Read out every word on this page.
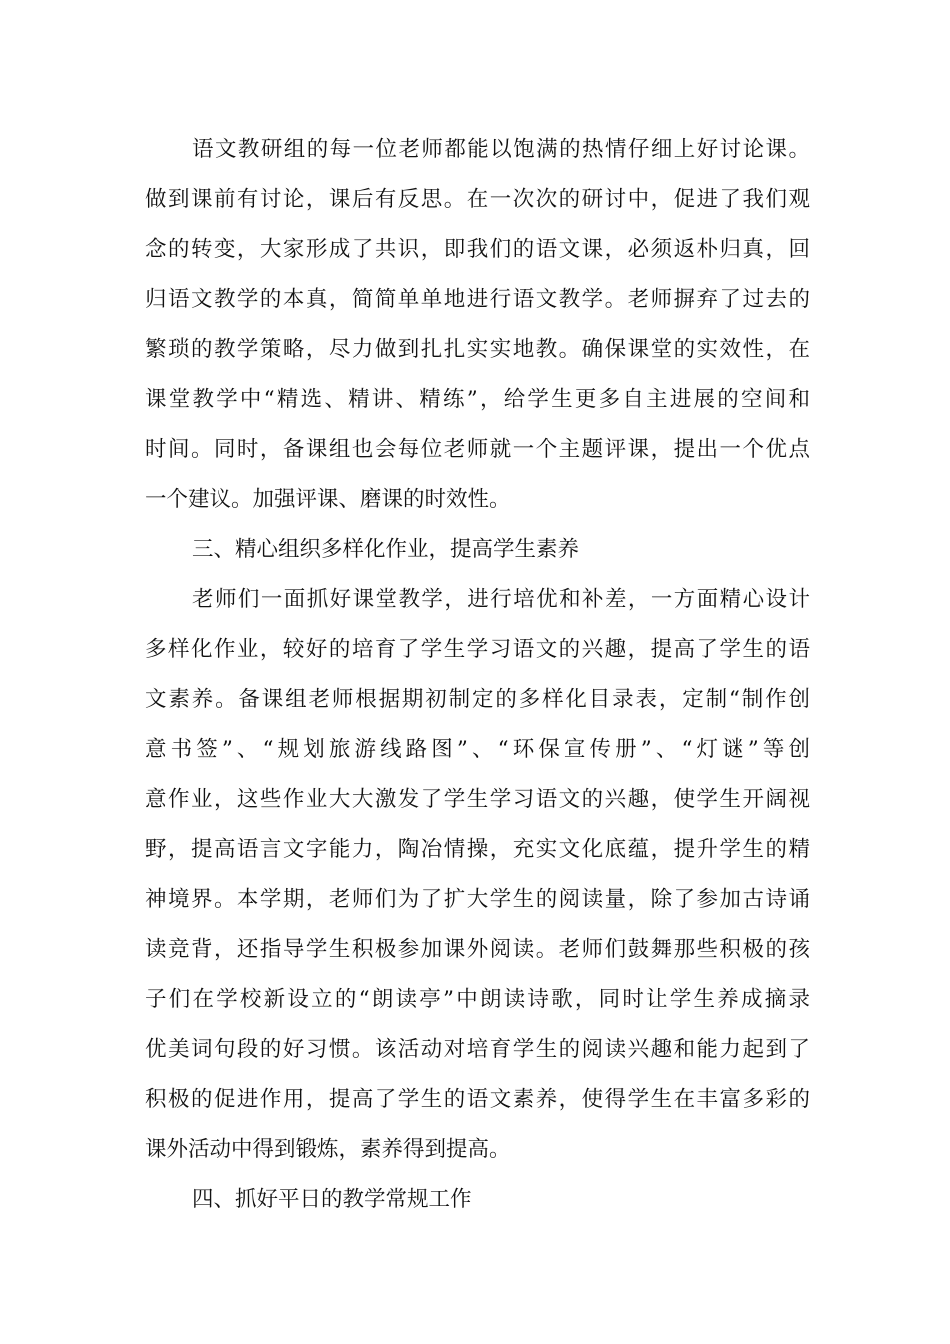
语文教研组的每一位老师都能以饱满的热情仔细上好讨论课。
做到课前有讨论，课后有反思。在一次次的研讨中，促进了我们观
念的转变，大家形成了共识，即我们的语文课，必须返朴归真，回
归语文教学的本真，简简单单地进行语文教学。老师摒弃了过去的
繁琐的教学策略，尽力做到扎扎实实地教。确保课堂的实效性，在
课堂教学中“精选、精讲、精练”，给学生更多自主进展的空间和
时间。同时，备课组也会每位老师就一个主题评课，提出一个优点
一个建议。加强评课、磨课的时效性。
三、精心组织多样化作业，提高学生素养
老师们一面抓好课堂教学，进行培优和补差，一方面精心设计
多样化作业，较好的培育了学生学习语文的兴趣，提高了学生的语
文素养。备课组老师根据期初制定的多样化目录表，定制“制作创
意书签”、“规划旅游线路图”、“环保宣传册”、“灯谜”等创
意作业，这些作业大大激发了学生学习语文的兴趣，使学生开阔视
野，提高语言文字能力，陶冶情操，充实文化底蕴，提升学生的精
神境界。本学期，老师们为了扩大学生的阅读量，除了参加古诗诵
读竞背，还指导学生积极参加课外阅读。老师们鼓舞那些积极的孩
子们在学校新设立的“朗读亭”中朗读诗歌，同时让学生养成摘录
优美词句段的好习惯。该活动对培育学生的阅读兴趣和能力起到了
积极的促进作用，提高了学生的语文素养，使得学生在丰富多彩的
课外活动中得到锻炼，素养得到提高。
四、抓好平日的教学常规工作
